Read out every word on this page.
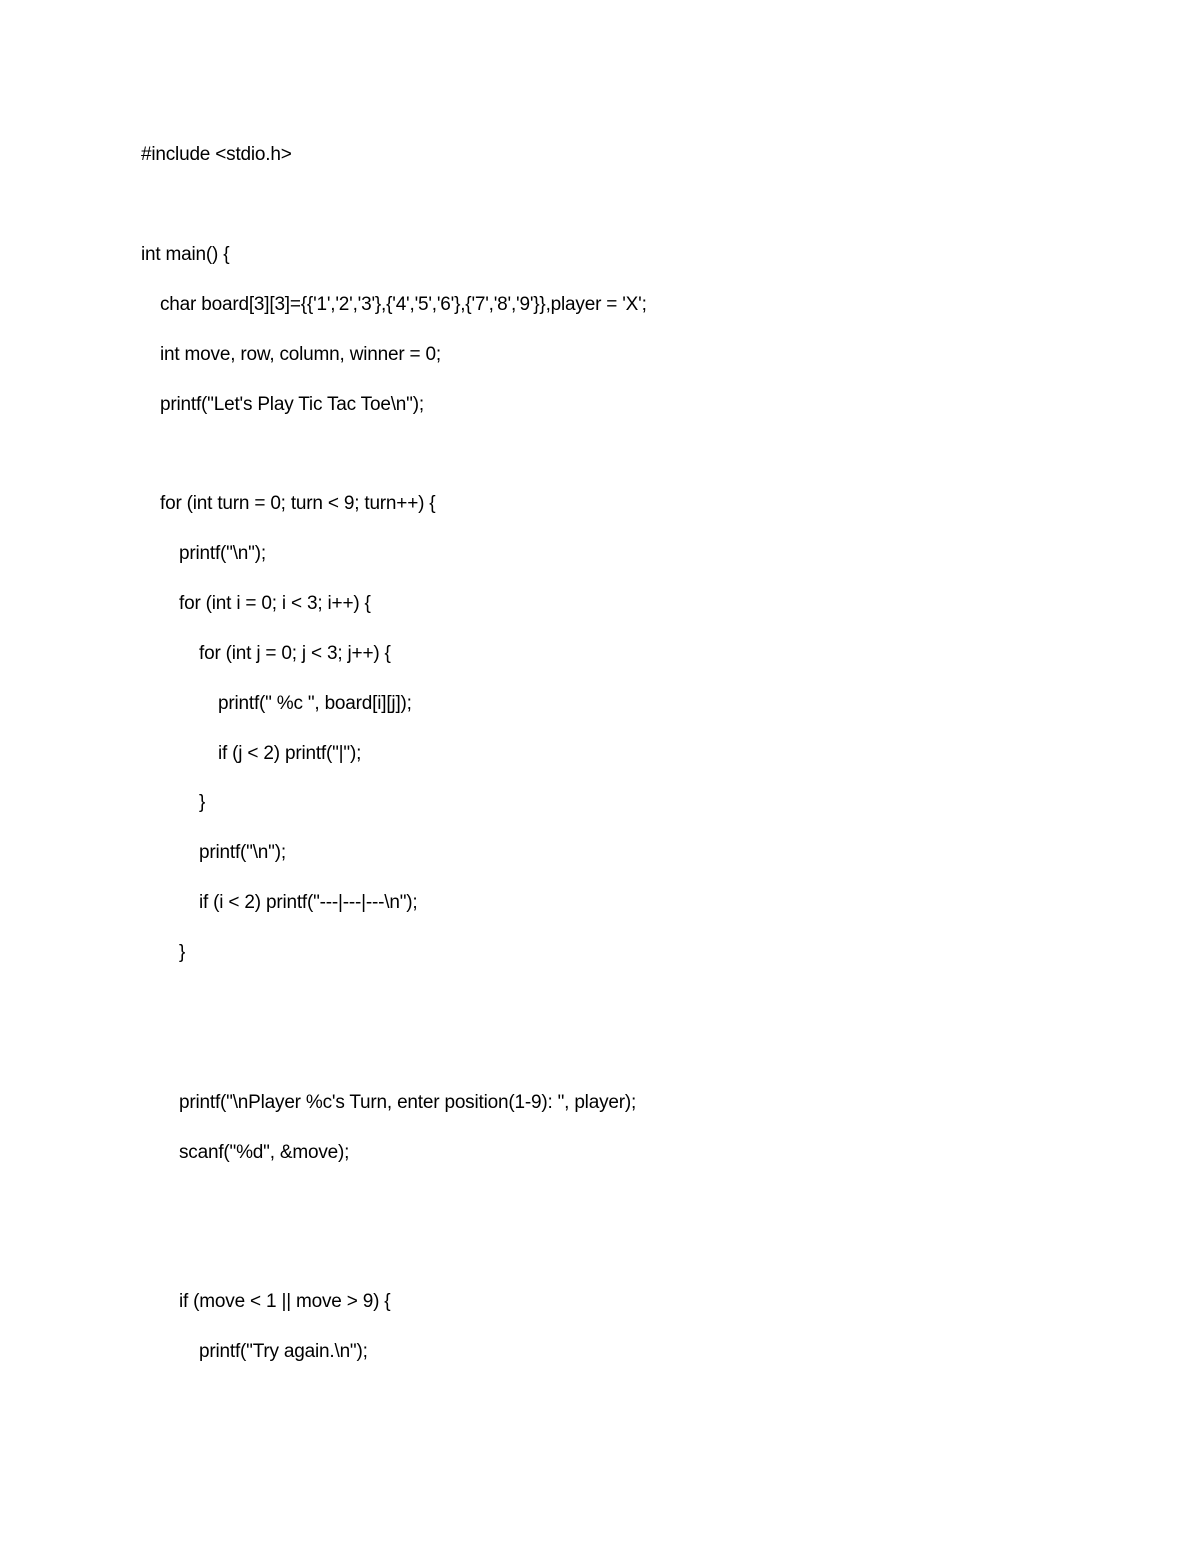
#include <stdio.h>
int main() {
char board[3][3]={{'1','2','3'},{'4','5','6'},{'7','8','9'}},player = 'X';
int move, row, column, winner = 0;
printf("Let's Play Tic Tac Toe\n");
for (int turn = 0; turn < 9; turn++) {
printf("\n");
for (int i = 0; i < 3; i++) {
for (int j = 0; j < 3; j++) {
printf(" %c ", board[i][j]);
if (j < 2) printf("|");
}
printf("\n");
if (i < 2) printf("---|---|---\n");
}
printf("\nPlayer %c's Turn, enter position(1-9): ", player);
scanf("%d", &move);
if (move < 1 || move > 9) {
printf("Try again.\n");
